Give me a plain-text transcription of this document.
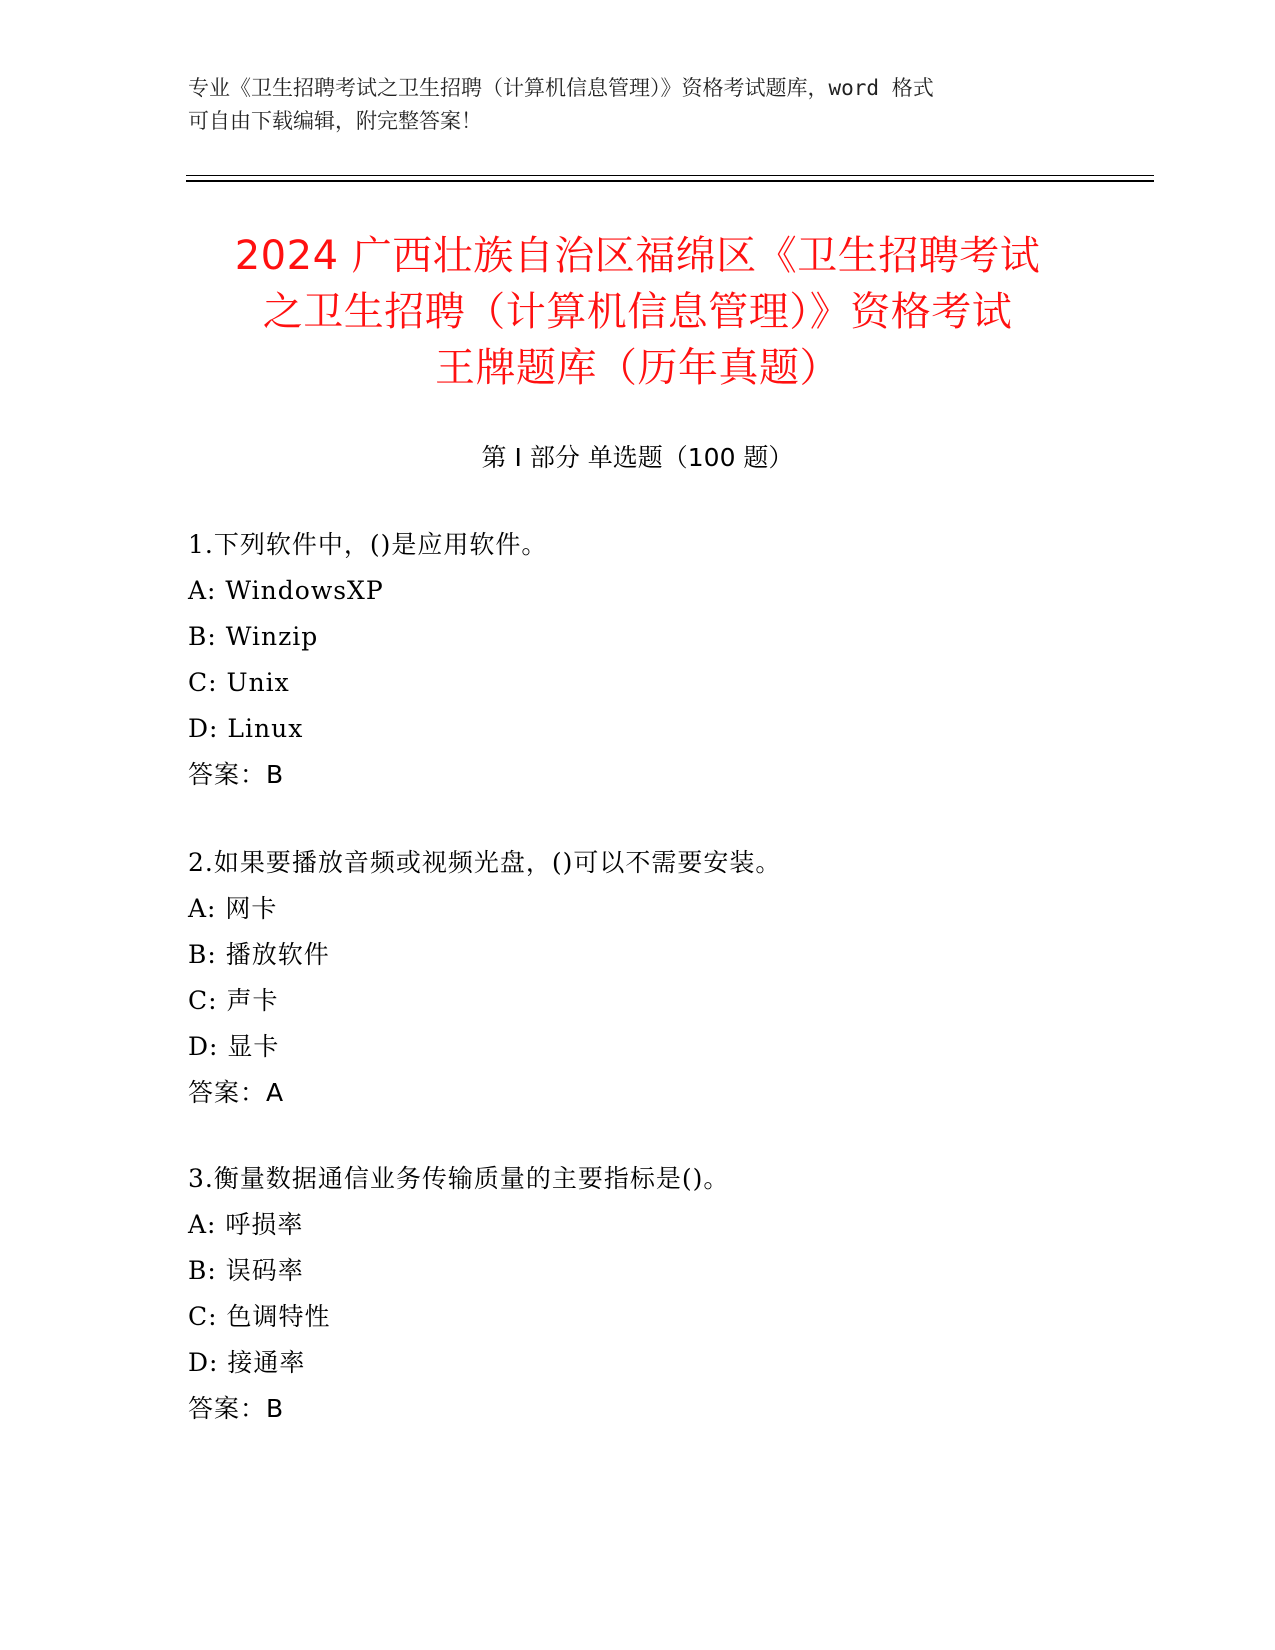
专业《卫生招聘考试之卫生招聘（计算机信息管理）》资格考试题库，word 格式
可自由下载编辑，附完整答案！
2024 广西壮族自治区福绵区《卫生招聘考试
之卫生招聘（计算机信息管理）》资格考试
王牌题库（历年真题）
第 I 部分 单选题（100 题）
1.下列软件中，()是应用软件。
A: WindowsXP
B: Winzip
C: Unix
D: Linux
答案：B
2.如果要播放音频或视频光盘，()可以不需要安装。
A: 网卡
B: 播放软件
C: 声卡
D: 显卡
答案：A
3.衡量数据通信业务传输质量的主要指标是()。
A: 呼损率
B: 误码率
C: 色调特性
D: 接通率
答案：B
